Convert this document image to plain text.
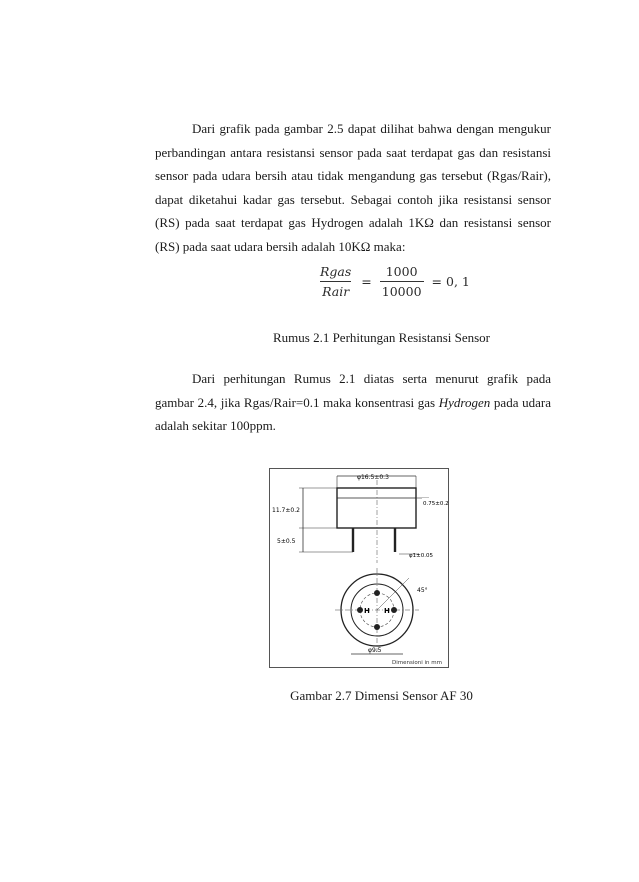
Dari grafik pada gambar 2.5 dapat dilihat bahwa dengan mengukur perbandingan antara resistansi sensor pada saat terdapat gas dan resistansi sensor pada udara bersih atau tidak mengandung gas tersebut (Rgas/Rair), dapat diketahui kadar gas tersebut. Sebagai contoh jika resistansi sensor (RS) pada saat terdapat gas Hydrogen adalah 1KΩ dan resistansi sensor (RS) pada saat udara bersih adalah 10KΩ maka:
$\frac{\text{Rgas}}{\text{Rair}} = \frac{1000}{10000} = 0$, 1
Rumus 2.1 Perhitungan Resistansi Sensor
Dari perhitungan Rumus 2.1 diatas serta menurut grafik pada gambar 2.4, jika Rgas/Rair=0.1 maka konsentrasi gas Hydrogen pada udara adalah sekitar 100ppm.
φ16.5±0.3
0.75±0.2
11.7±0.2
5±0.5
φ1±0.05
45°
H H
φ9.5
Dimensioni in mm
Gambar 2.7 Dimensi Sensor AF 30
